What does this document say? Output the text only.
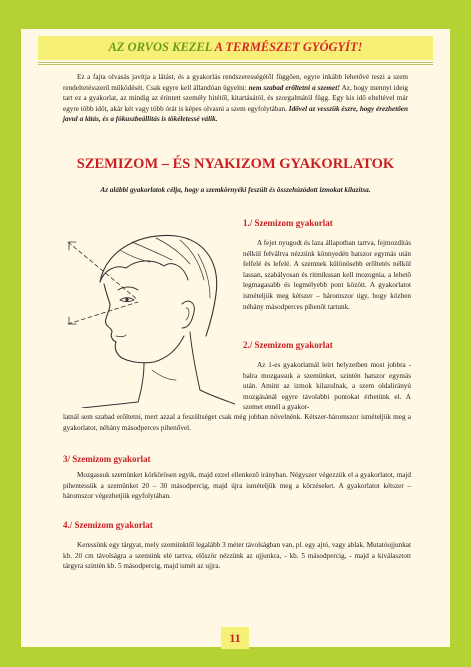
AZ ORVOS KEZEL A TERMÉSZET GYÓGYÍT!

Ez a fajta olvasás javítja a látást, és a gyakorlás rendszerességétől függően, egyre inkább lehetővé teszi a szem rendeltetésszerű működését. Csak egyre kell állandóan ügyelni: nem szabad erőltetni a szemet! Az, hogy mennyi ideig tart ez a gyakorlat, az mindig az érintett személy hitétől, kitartásától, és szorgalmától függ. Egy kis idő elteltével már egyre több időt, akár két vagy több órát is képes olvasni a szem egyfolytában. Idővel az vesszük észre, hogy érezhetően javul a látás, és a fókuszbeállítás is tökéletessé válik.

SZEMIZOM – ÉS NYAKIZOM GYAKORLATOK
Az alábbi gyakorlatok célja, hogy a szemkörnyéki feszült és összehúzódott izmokat kilazítsa.
1./ Szemizom gyakorlat

A fejet nyugodt és laza állapotban tartva, fejmozdítás nélkül felváltva nézzünk könnyedén hatszor egymás után felfelé és lefelé. A szemnek különösebb erőltetés nélkül lassan, szabályosan és ritmikusan kell mozognia, a lehető legmagasabb és legmélyebb pont között. A gyakorlatot ismételjük meg kétszer – háromszor úgy, hogy közben néhány másodperces pihenőt tartunk.

2./ Szemizom gyakorlat

Az 1-es gyakorlatnál leírt helyzetben most jobbra - balra mozgassuk a szemünket, szintén hatszor egymás után. Amint az izmok kilazulnak, a szem oldalirányú mozgásánál egyre távolabbi pontokat érhetünk el. A szemet ennél a gyakor-

latnál sem szabad erőltetni, mert azzal a feszültséget csak még jobban növelnénk. Kétszer-háromszor ismételjük meg a gyakorlatot, néhány másodperces pihenővel.

3/ Szemizom gyakorlat

Mozgassuk szemünket körkörösen egyik, majd ezzel ellenkező irányban. Négyszer végezzük el a gyakorlatot, majd pihentessük a szemünket 20 – 30 másodpercig, majd újra ismételjük meg a körzéseket. A gyakorlatot kétszer – háromszor végezhetjük egyfolytában.

4./ Szemizom gyakorlat

Keressünk egy tárgyat, mely szemünktől legalább 3 méter távolságban van, pl. egy ajtó, vagy ablak. Mutatóujjunkat kb. 20 cm távolságra a szemünk elé tartva, először nézzünk az ujjunkra, - kb. 5 másodpercig, - majd a kiválasztott tárgyra szintén kb. 5 másodpercig, majd ismét az ujjra.

11
